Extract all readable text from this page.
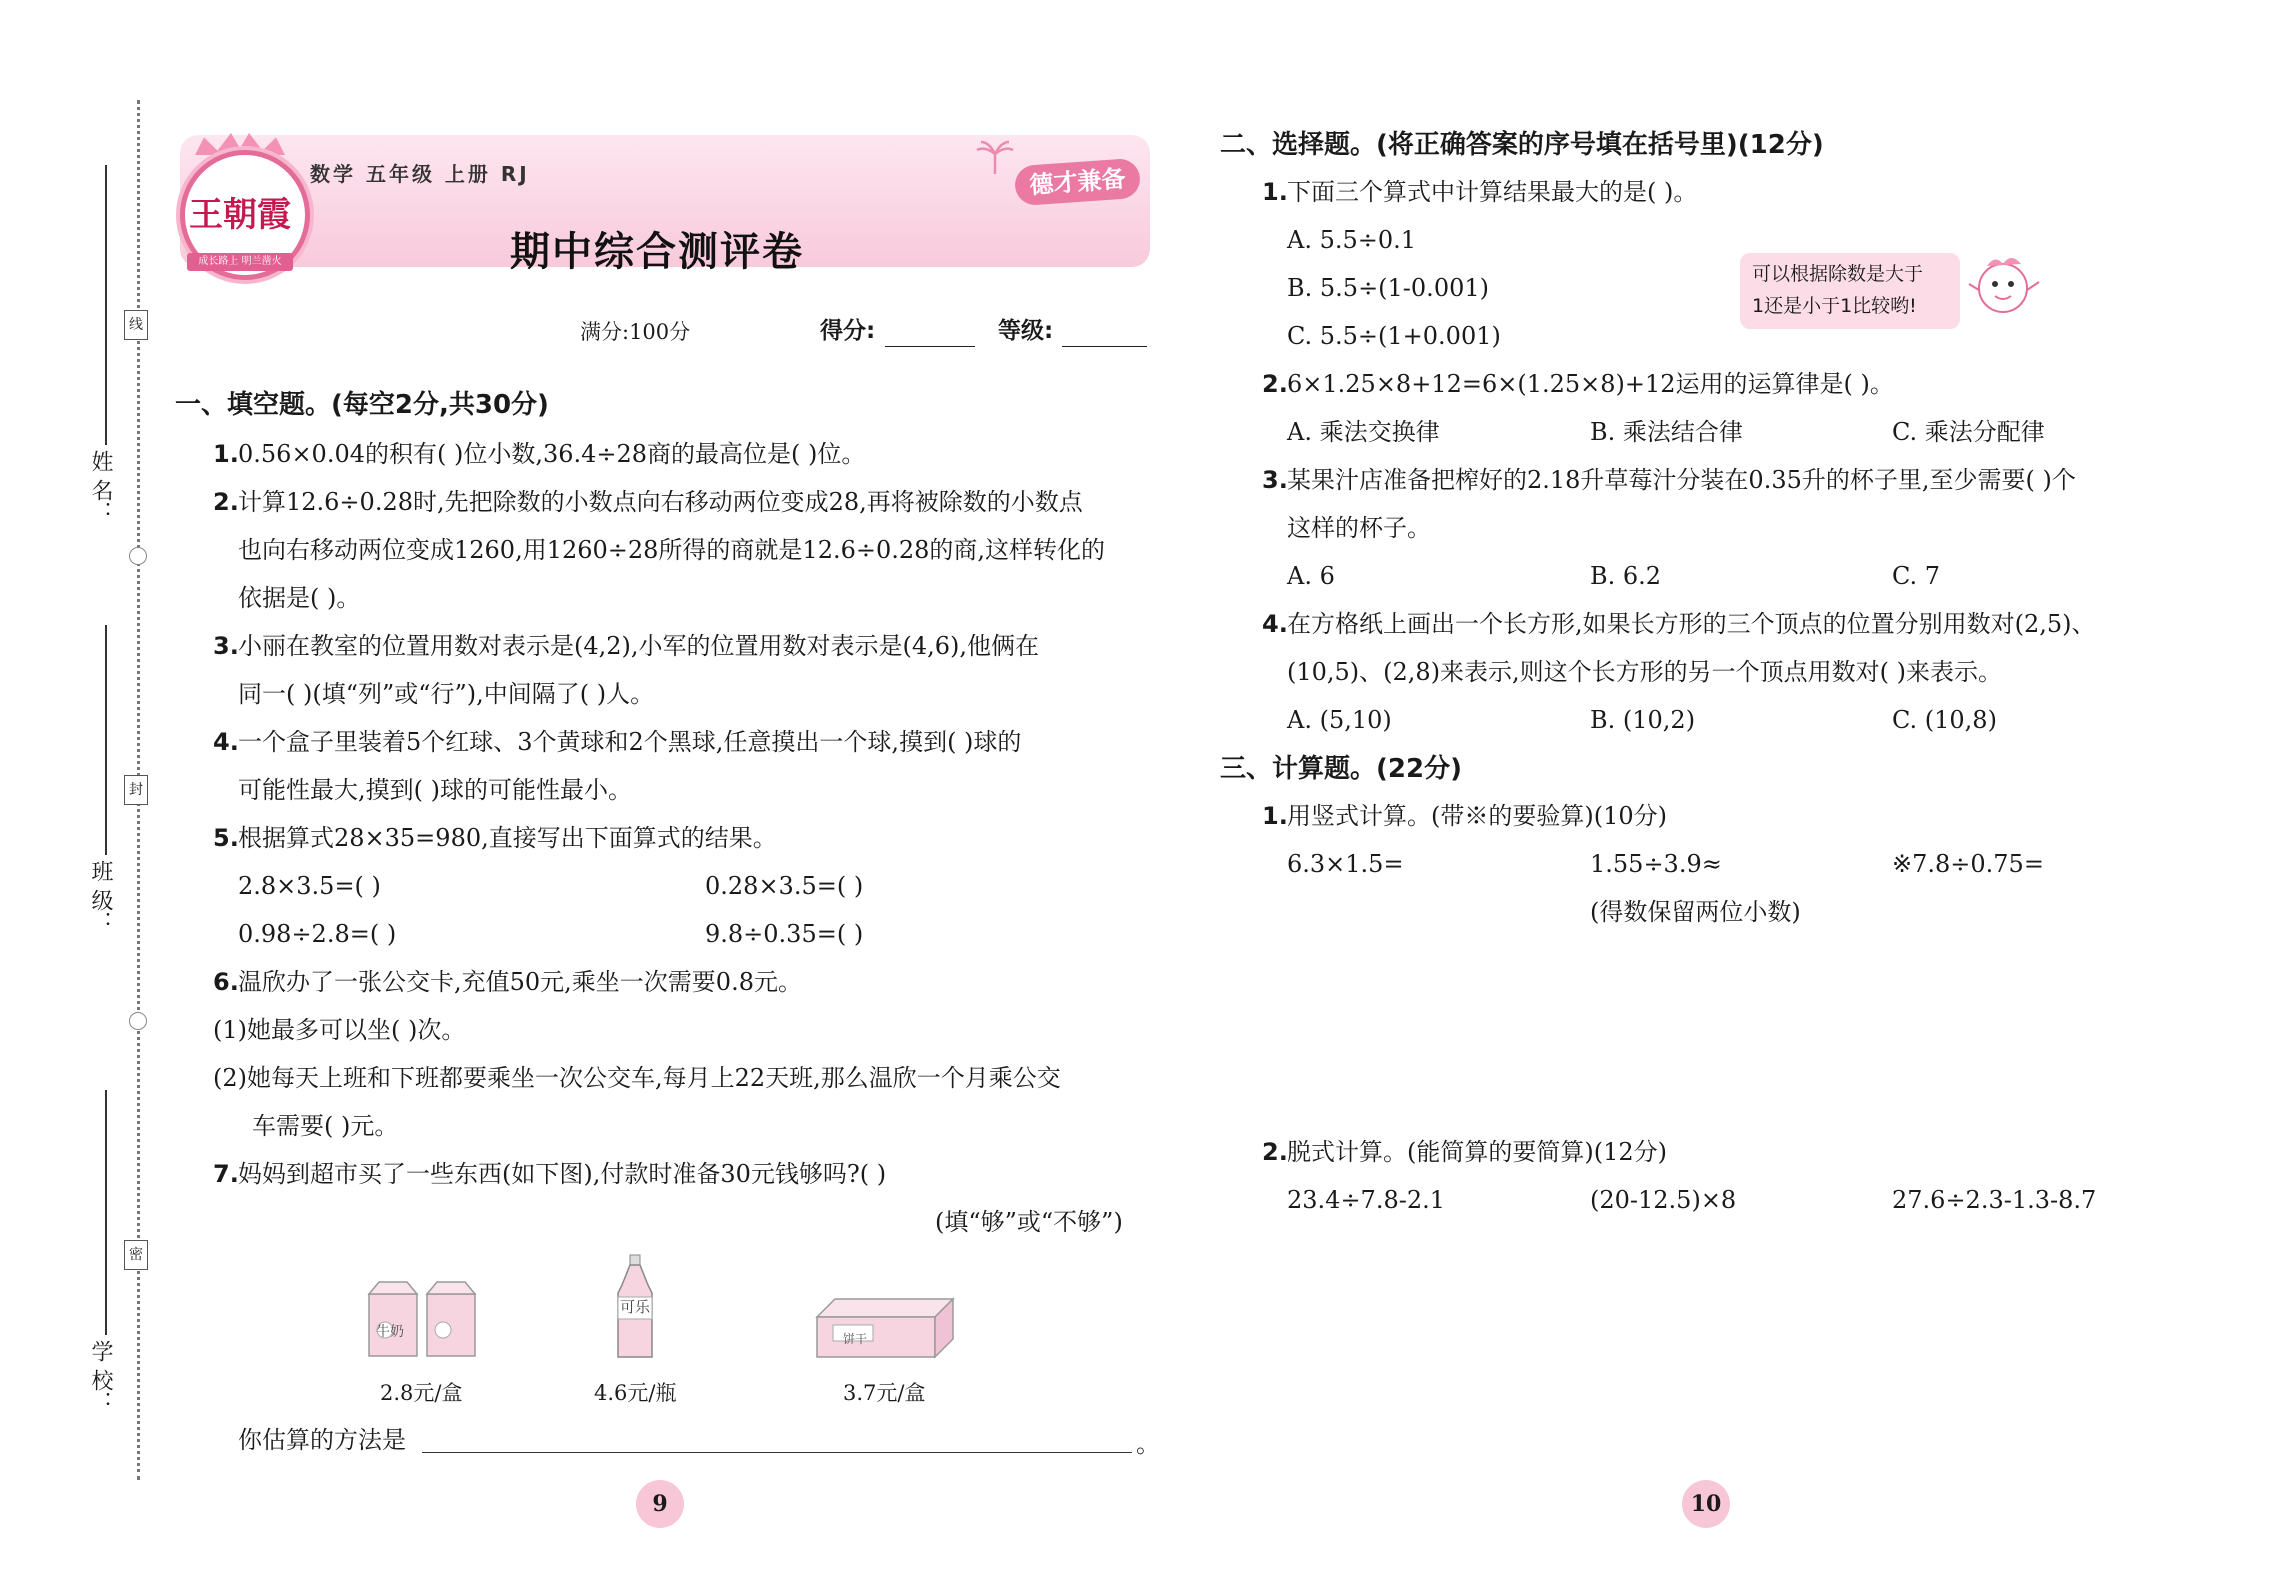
姓 名：
班 级：
学 校：
线
封
密
王朝霞
成长路上 明兰凿火
数学 五年级 上册 RJ
期中综合测评卷
德才兼备
满分:100分	得分:	等级:
一、填空题。(每空2分,共30分)
1. 0.56×0.04的积有( )位小数,36.4÷28商的最高位是( )位。
2. 计算12.6÷0.28时,先把除数的小数点向右移动两位变成28,再将被除数的小数点
也向右移动两位变成1260,用1260÷28所得的商就是12.6÷0.28的商,这样转化的
依据是( )。
3. 小丽在教室的位置用数对表示是(4,2),小军的位置用数对表示是(4,6),他俩在
同一( )(填“列”或“行”),中间隔了( )人。
4. 一个盒子里装着5个红球、3个黄球和2个黑球,任意摸出一个球,摸到( )球的
可能性最大,摸到( )球的可能性最小。
5. 根据算式28×35=980,直接写出下面算式的结果。
2.8×3.5=( )	0.28×3.5=( )
0.98÷2.8=( )	9.8÷0.35=( )
6. 温欣办了一张公交卡,充值50元,乘坐一次需要0.8元。
(1)她最多可以坐( )次。
(2)她每天上班和下班都要乘坐一次公交车,每月上22天班,那么温欣一个月乘公交
车需要( )元。
7. 妈妈到超市买了一些东西(如下图),付款时准备30元钱够吗?( )
(填“够”或“不够”)
牛奶
可乐
饼干
2.8元/盒	4.6元/瓶	3.7元/盒
你估算的方法是	。
9
二、选择题。(将正确答案的序号填在括号里)(12分)
1. 下面三个算式中计算结果最大的是( )。
A. 5.5÷0.1
B. 5.5÷(1-0.001)
C. 5.5÷(1+0.001)
可以根据除数是大于
1还是小于1比较哟!
2. 6×1.25×8+12=6×(1.25×8)+12运用的运算律是( )。
A. 乘法交换律	B. 乘法结合律	C. 乘法分配律
3. 某果汁店准备把榨好的2.18升草莓汁分装在0.35升的杯子里,至少需要( )个
这样的杯子。
A. 6	B. 6.2	C. 7
4. 在方格纸上画出一个长方形,如果长方形的三个顶点的位置分别用数对(2,5)、
(10,5)、(2,8)来表示,则这个长方形的另一个顶点用数对( )来表示。
A. (5,10)	B. (10,2)	C. (10,8)
三、计算题。(22分)
1. 用竖式计算。(带※的要验算)(10分)
6.3×1.5=	1.55÷3.9≈	※7.8÷0.75=
(得数保留两位小数)
2. 脱式计算。(能简算的要简算)(12分)
23.4÷7.8-2.1	(20-12.5)×8	27.6÷2.3-1.3-8.7
10
